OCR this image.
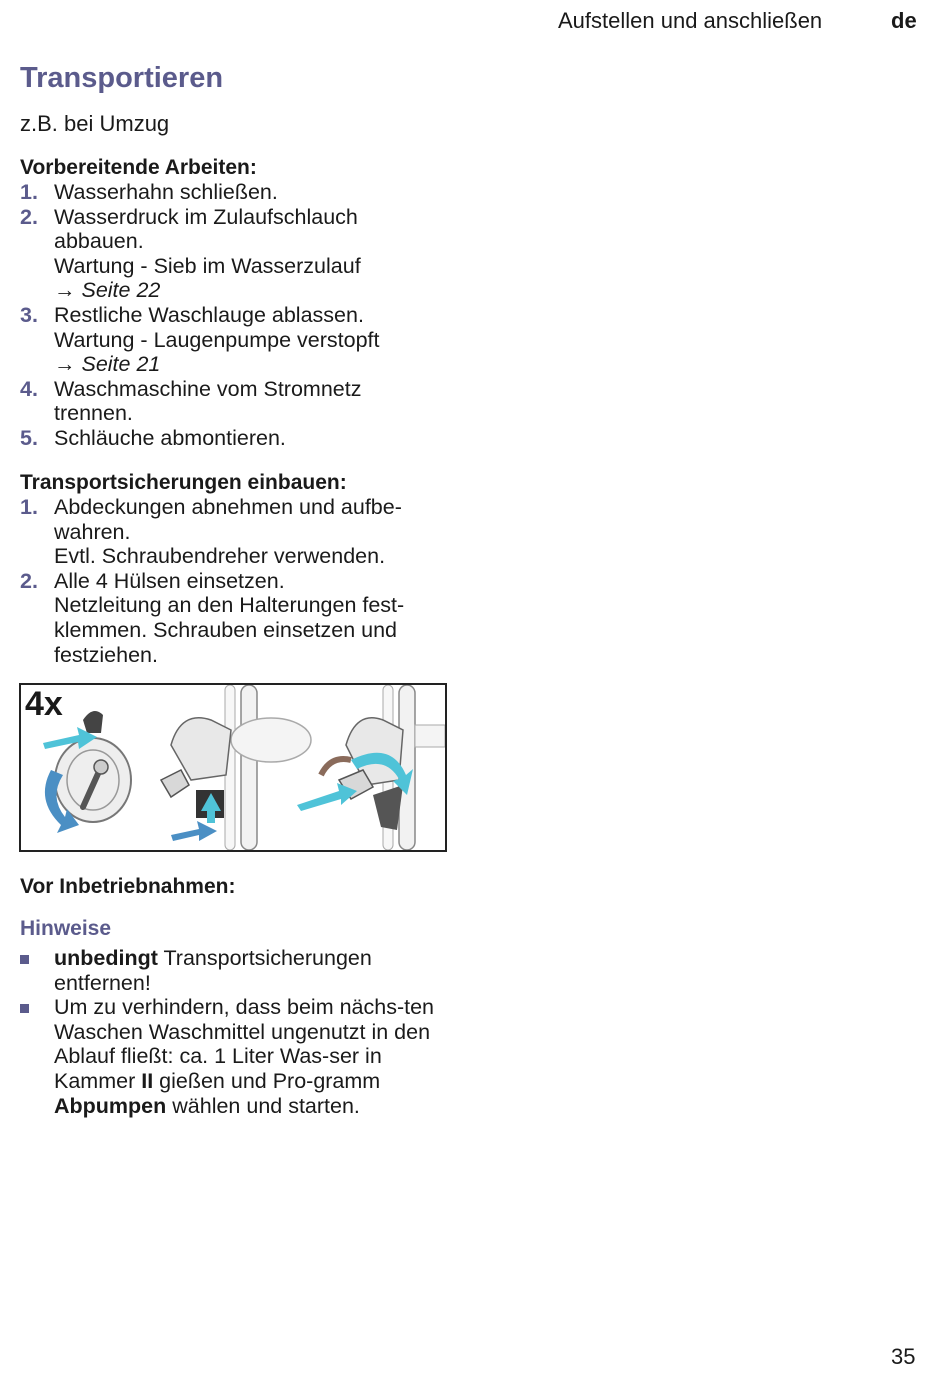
Aufstellen und anschließen	de
Transportieren
z.B. bei Umzug
Vorbereitende Arbeiten:
1. Wasserhahn schließen.
2. Wasserdruck im Zulaufschlauch abbauen.
Wartung - Sieb im Wasserzulauf
→ Seite 22
3. Restliche Waschlauge ablassen.
Wartung - Laugenpumpe verstopft
→ Seite 21
4. Waschmaschine vom Stromnetz trennen.
5. Schläuche abmontieren.
Transportsicherungen einbauen:
1. Abdeckungen abnehmen und aufbe-wahren.
Evtl. Schraubendreher verwenden.
2. Alle 4 Hülsen einsetzen.
Netzleitung an den Halterungen fest-klemmen. Schrauben einsetzen und festziehen.
4x
Vor Inbetriebnahmen:
Hinweise
unbedingt Transportsicherungen entfernen!
Um zu verhindern, dass beim nächs-ten Waschen Waschmittel ungenutzt in den Ablauf fließt: ca. 1 Liter Was-ser in Kammer II gießen und Pro-gramm Abpumpen wählen und starten.
35
